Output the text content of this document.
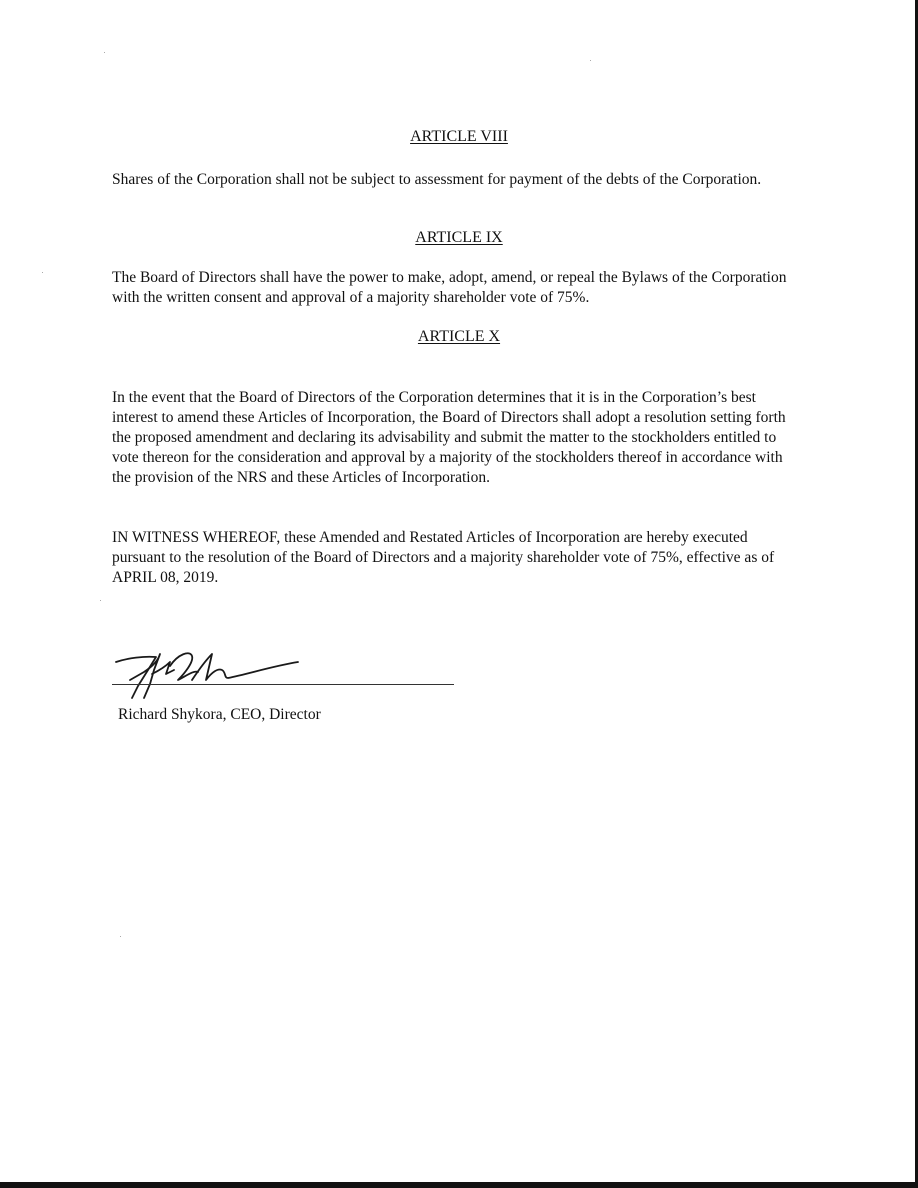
ARTICLE VIII
Shares of the Corporation shall not be subject to assessment for payment of the debts of the Corporation.
ARTICLE IX
The Board of Directors shall have the power to make, adopt, amend, or repeal the Bylaws of the Corporation with the written consent and approval of a majority shareholder vote of 75%.
ARTICLE X
In the event that the Board of Directors of the Corporation determines that it is in the Corporation’s best interest to amend these Articles of Incorporation, the Board of Directors shall adopt a resolution setting forth the proposed amendment and declaring its advisability and submit the matter to the stockholders entitled to vote thereon for the consideration and approval by a majority of the stockholders thereof in accordance with the provision of the NRS and these Articles of Incorporation.
IN WITNESS WHEREOF, these Amended and Restated Articles of Incorporation are hereby executed pursuant to the resolution of the Board of Directors and a majority shareholder vote of 75%, effective as of APRIL 08, 2019.
Richard Shykora, CEO, Director
